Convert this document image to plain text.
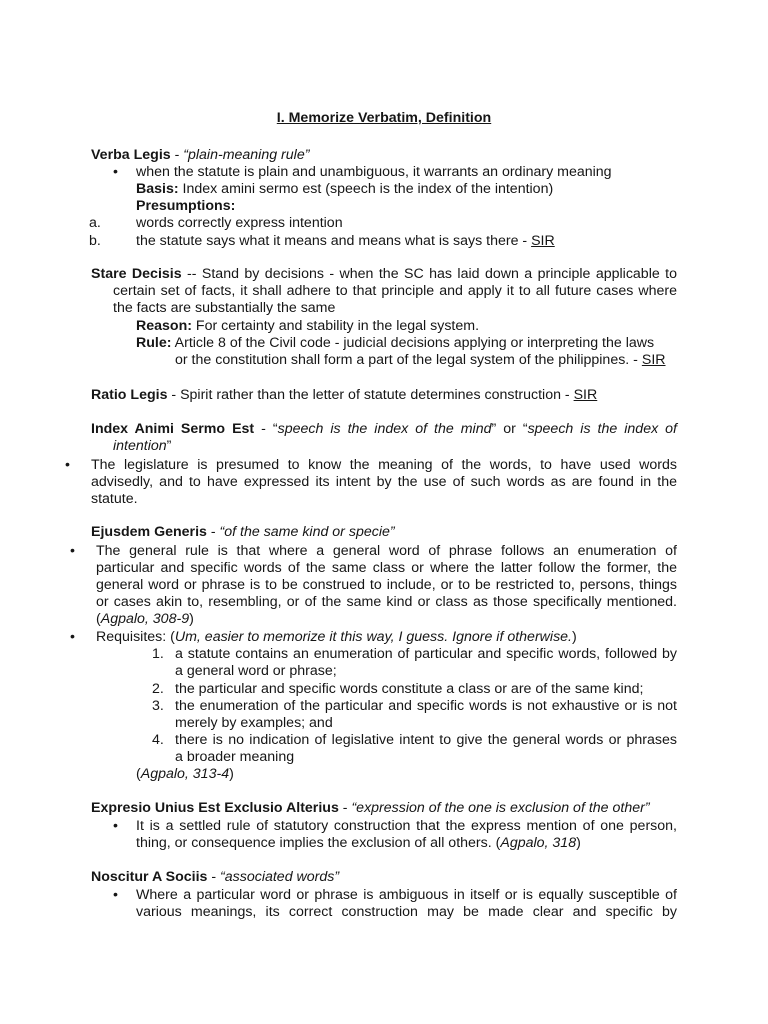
I. Memorize Verbatim, Definition
Verba Legis - “plain-meaning rule”
• when the statute is plain and unambiguous, it warrants an ordinary meaning
Basis: Index amini sermo est (speech is the index of the intention)
Presumptions:
a. words correctly express intention
b. the statute says what it means and means what is says there - SIR
Stare Decisis -- Stand by decisions - when the SC has laid down a principle applicable to
certain set of facts, it shall adhere to that principle and apply it to all future cases where
the facts are substantially the same
Reason: For certainty and stability in the legal system.
Rule: Article 8 of the Civil code - judicial decisions applying or interpreting the laws
or the constitution shall form a part of the legal system of the philippines. - SIR
Ratio Legis - Spirit rather than the letter of statute determines construction - SIR
Index Animi Sermo Est - “speech is the index of the mind” or “speech is the index of
intention”
• The legislature is presumed to know the meaning of the words, to have used words
advisedly, and to have expressed its intent by the use of such words as are found in the
statute.
Ejusdem Generis - “of the same kind or specie”
• The general rule is that where a general word of phrase follows an enumeration of
particular and specific words of the same class or where the latter follow the former, the
general word or phrase is to be construed to include, or to be restricted to, persons, things
or cases akin to, resembling, or of the same kind or class as those specifically mentioned.
(Agpalo, 308-9)
• Requisites: (Um, easier to memorize it this way, I guess. Ignore if otherwise.)
1. a statute contains an enumeration of particular and specific words, followed by
a general word or phrase;
2. the particular and specific words constitute a class or are of the same kind;
3. the enumeration of the particular and specific words is not exhaustive or is not
merely by examples; and
4. there is no indication of legislative intent to give the general words or phrases
a broader meaning
(Agpalo, 313-4)
Expresio Unius Est Exclusio Alterius - “expression of the one is exclusion of the other”
• It is a settled rule of statutory construction that the express mention of one person,
thing, or consequence implies the exclusion of all others. (Agpalo, 318)
Noscitur A Sociis - “associated words”
• Where a particular word or phrase is ambiguous in itself or is equally susceptible of
various meanings, its correct construction may be made clear and specific by
